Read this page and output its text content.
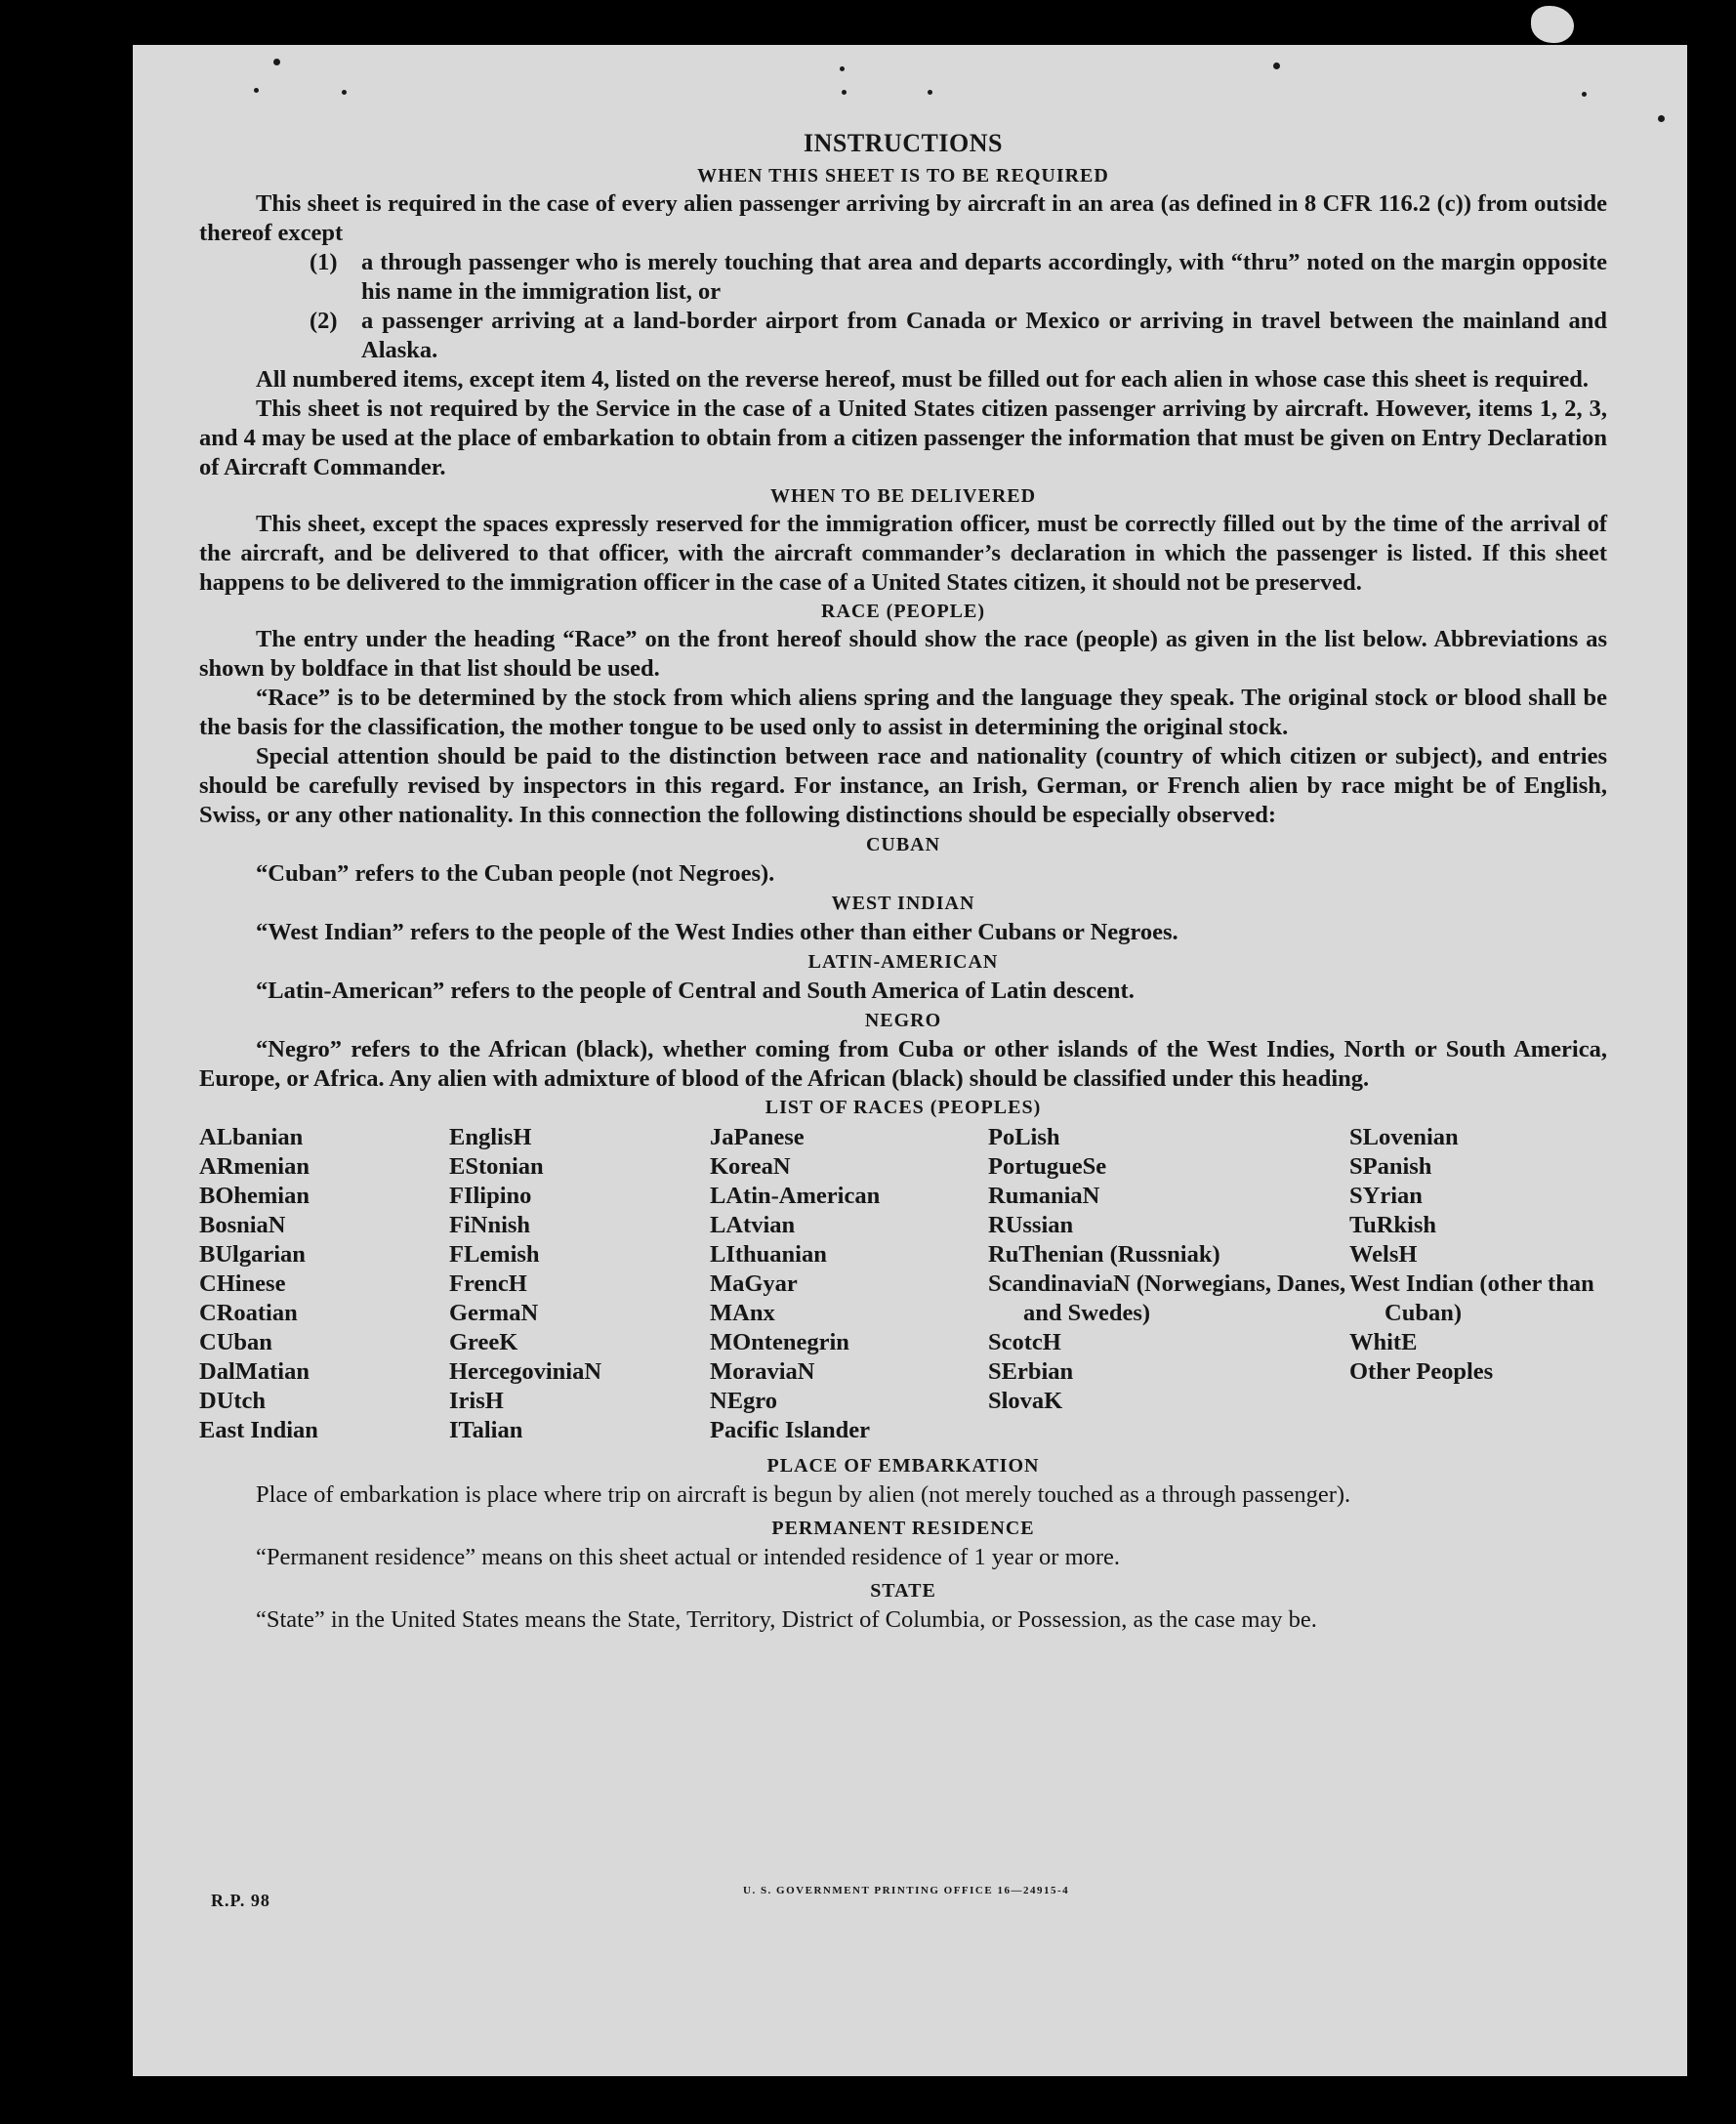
INSTRUCTIONS
WHEN THIS SHEET IS TO BE REQUIRED

This sheet is required in the case of every alien passenger arriving by aircraft in an area (as defined in 8 CFR 116.2 (c)) from outside thereof except

(1) a through passenger who is merely touching that area and departs accordingly, with “thru” noted on the margin opposite his name in the immigration list, or
(2) a passenger arriving at a land-border airport from Canada or Mexico or arriving in travel between the mainland and Alaska.

All numbered items, except item 4, listed on the reverse hereof, must be filled out for each alien in whose case this sheet is required.

This sheet is not required by the Service in the case of a United States citizen passenger arriving by aircraft. However, items 1, 2, 3, and 4 may be used at the place of embarkation to obtain from a citizen passenger the information that must be given on Entry Declaration of Aircraft Commander.

WHEN TO BE DELIVERED

This sheet, except the spaces expressly reserved for the immigration officer, must be correctly filled out by the time of the arrival of the aircraft, and be delivered to that officer, with the aircraft commander’s declaration in which the passenger is listed. If this sheet happens to be delivered to the immigration officer in the case of a United States citizen, it should not be preserved.

RACE (PEOPLE)

The entry under the heading “Race” on the front hereof should show the race (people) as given in the list below. Abbreviations as shown by boldface in that list should be used.

“Race” is to be determined by the stock from which aliens spring and the language they speak. The original stock or blood shall be the basis for the classification, the mother tongue to be used only to assist in determining the original stock.

Special attention should be paid to the distinction between race and nationality (country of which citizen or subject), and entries should be carefully revised by inspectors in this regard. For instance, an Irish, German, or French alien by race might be of English, Swiss, or any other nationality. In this connection the following distinctions should be especially observed:

CUBAN

“Cuban” refers to the Cuban people (not Negroes).

WEST INDIAN

“West Indian” refers to the people of the West Indies other than either Cubans or Negroes.

LATIN-AMERICAN

“Latin-American” refers to the people of Central and South America of Latin descent.

NEGRO

“Negro” refers to the African (black), whether coming from Cuba or other islands of the West Indies, North or South America, Europe, or Africa. Any alien with admixture of blood of the African (black) should be classified under this heading.

LIST OF RACES (PEOPLES)
ALbanian
ARmenian
BOhemian
BosniaN
BUlgarian
CHinese
CRoatian
CUban
DalMatian
DUtch
East Indian
EnglisH
EStonian
FIlipino
FiNnish
FLemish
FrencH
GermaN
GreeK
HercegoviniaN
IrisH
ITalian
JaPanese
KoreaN
LAtin-American
LAtvian
LIthuanian
MaGyar
MAnx
MOntenegrin
MoraviaN
NEgro
Pacific Islander
PoLish
PortugueSe
RumaniaN
RUssian
RuThenian (Russniak)
ScandinaviaN (Norwegians, Danes, and Swedes)
ScotcH
SErbian
SlovaK
SLovenian
SPanish
SYrian
TuRkish
WelsH
West Indian (other than Cuban)
WhitE
Other Peoples
PLACE OF EMBARKATION

Place of embarkation is place where trip on aircraft is begun by alien (not merely touched as a through passenger).

PERMANENT RESIDENCE

“Permanent residence” means on this sheet actual or intended residence of 1 year or more.

STATE

“State” in the United States means the State, Territory, District of Columbia, or Possession, as the case may be.

R.P. 98	U. S. GOVERNMENT PRINTING OFFICE 16—24915-4
